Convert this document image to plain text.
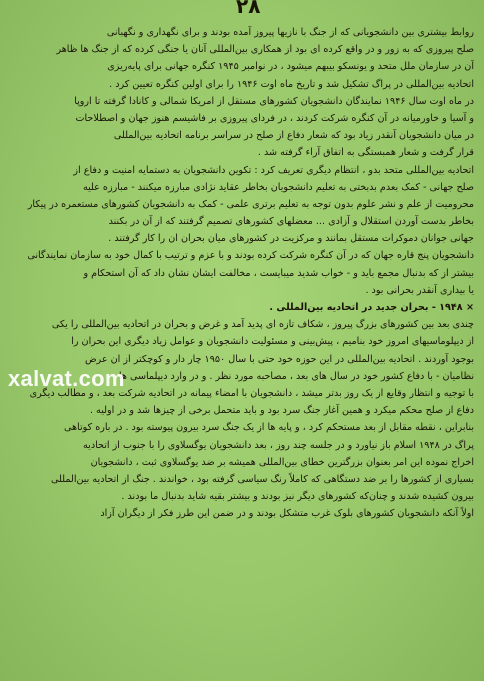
۲۸
روابط بیشتری بین دانشجویانی که از جنگ با نازیها پیروز آمده بودند و برای نگهداری و نگهبانی
صلح پیروزی که به زور و در واقع کرده ای بود از همکاری بین‌المللی آنان یا جنگی کرده که از جنگ ها ظاهر
آن در سازمان ملل متحد و یونسکو بیبهم میشود ، در نوامبر ۱۹۴۵ کنگره جهانی برای پایه‌ریزی
اتحادیه بین‌المللی در پراگ تشکیل شد و تاریخ ماه اوت ۱۹۴۶ را برای اولین کنگره تعیین کرد .
در ماه اوت سال ۱۹۴۶ نمایندگان دانشجویان کشورهای مستقل از امریکا شمالی و کانادا گرفته تا اروپا
و آسیا و خاورمیانه در آن کنگره شرکت کردند ، در فردای پیروزی بر فاشیسم هنوز جهان و اصطلاحات
در میان دانشجویان آنقدر زیاد بود که شعار دفاع از صلح در سراسر برنامه اتحادیه بین‌المللی
قرار گرفت و شعار همبستگی به اتفاق آراء گرفته شد .
اتحادیه بین‌المللی متحد بدو ، انتظام دیگری تعریف کرد : تکوین دانشجویان به دستمایه امنیت و دفاع از
صلح جهانی - کمک بعدم بدبختی به تعلیم دانشجویان بخاطر عقاید نژادی مبارزه میکنند - مبارزه علیه
محرومیت از علم و نشر علوم بدون توجه به تعلیم برتری علمی - کمک به دانشجویان کشورهای مستعمره در پیکار
بخاطر بدست آوردن استقلال و آزادی ... معضلهای کشورهای تصمیم گرفتند که از آن در بکنند
جهانی جوانان دموکرات مستقل بمانند و مرکزیت در کشورهای میان بحران ان را کار گرفتند .
دانشجویان پنج قاره جهان که در آن کنگره شرکت کرده بودند و با عزم و ترتیب با کمال خود به سازمان نمایندگانی
بیشتر از که بدنبال مجمع باید و - خواب شدید میبایست ، مخالفت ایشان نشان داد که آن استحکام و
یا بیداری آنقدر بحرانی بود .
× ۱۹۴۸ - بحران جدید در اتحادیه بین‌المللی .
چندی بعد بین کشورهای بزرگ پیروز ، شکاف تازه ای پدید آمد و غرض و بحران در اتحادیه بین‌المللی را یکی
از دیپلوماسیهای امروز خود بنامیم ، پیش‌بینی و مسئولیت دانشجویان و عوامل زیاد دیگری این بحران را
بوجود آوردند . اتحادیه بین‌المللی در این حوزه خود حتی با سال ۱۹۵۰ چار دار و کوچکتر از ان عرض
نظامیان - با دفاع کشور خود در سال های بعد ، مصاحبه مورد نظر . و در وارد دیپلماسی ها
با توجیه و انتظار وقایع از یک روز بدتر میشد ، دانشجویان با امضاء پیمانه در اتحادیه شرکت بعد ، و مطالب دیگری
دفاع از صلح محکم میکرد و همین آغاز جنگ سرد بود و باید متحمل برخی از چیزها شد و در اولیه .
بنابراین ، نقطه مقابل از بعد مستحکم کرد ، و پایه ها از یک جنگ سرد بیرون پیوسته بود . در باره کوتاهی
پراگ در ۱۹۴۸ اسلام باز نیاورد و در جلسه چند روز ، بعد دانشجویان یوگسلاوی را با جنوب از اتحادیه
اخراج نموده این امر بعنوان بزرگترین خطای بین‌المللی همیشه بر ضد یوگسلاوی ثبت ، دانشجویان
بسیاری از کشورها را بر ضد دستگاهی که کاملاً رنگ سیاسی گرفته بود ، خواندند . جنگ از اتحادیه بین‌المللی
بیرون کشیده شدند و چنان‌که کشورهای دیگر نیز بودند و بیشتر بقیه شاید بدنبال ما بودند .
اولاً آنکه دانشجویان کشورهای بلوک غرب متشکل بودند و در ضمن این طرز فکر از دیگران آزاد
xalvat.com
